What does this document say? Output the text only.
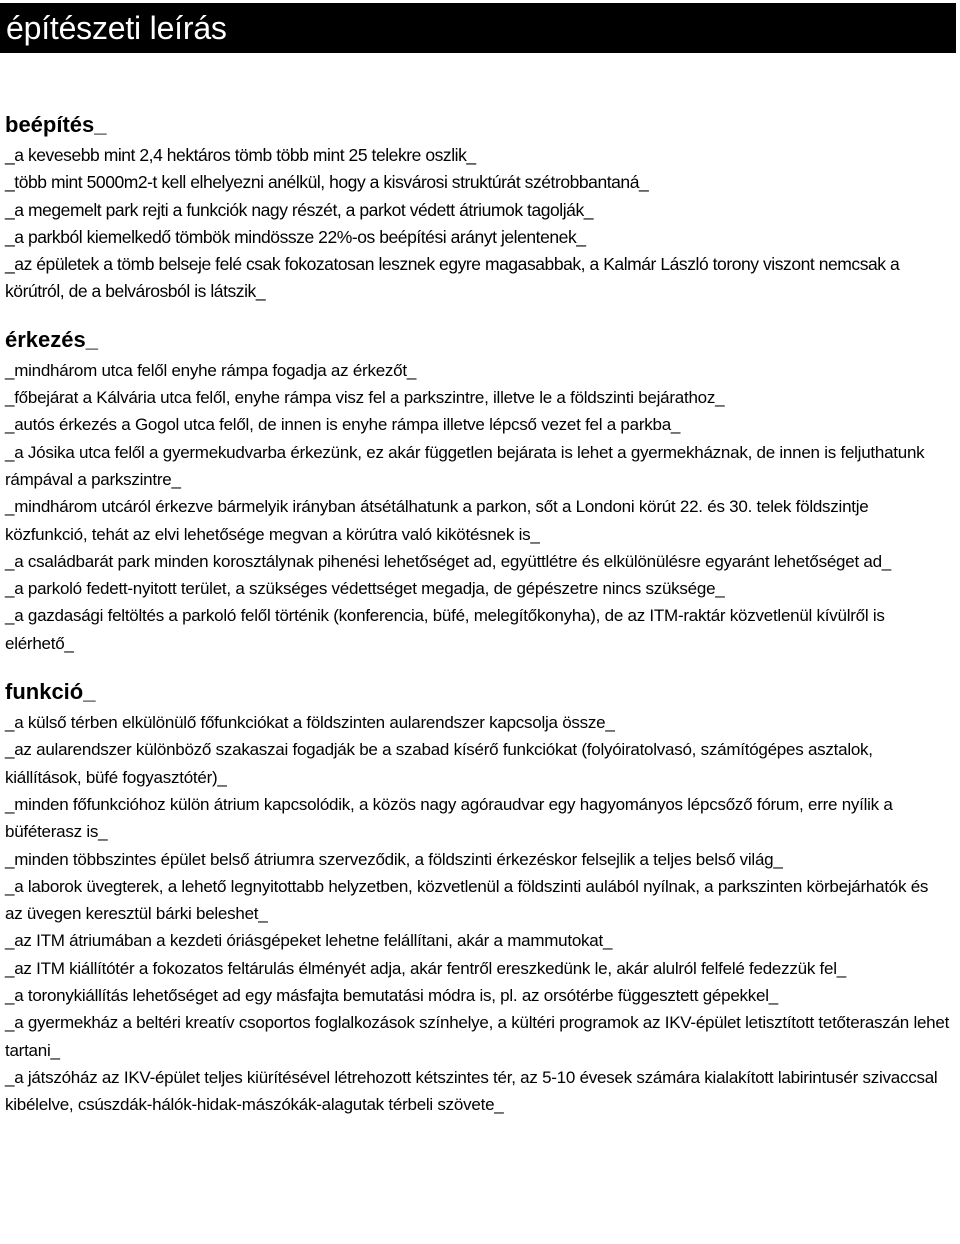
építészeti leírás
beépítés_

_a kevesebb mint 2,4 hektáros tömb több mint 25 telekre oszlik_

_több mint 5000m2-t kell elhelyezni anélkül, hogy a kisvárosi struktúrát szétrobbantaná_

_a megemelt park rejti a funkciók nagy részét, a parkot védett átriumok tagolják_

_a parkból kiemelkedő tömbök mindössze 22%-os beépítési arányt jelentenek_

_az épületek a tömb belseje felé csak fokozatosan lesznek egyre magasabbak, a Kalmár László torony viszont nemcsak a körútról, de a belvárosból is látszik_

érkezés_

_mindhárom utca felől enyhe rámpa fogadja az érkezőt_

_főbejárat a Kálvária utca felől, enyhe rámpa visz fel a parkszintre, illetve le a földszinti bejárathoz_

_autós érkezés a Gogol utca felől, de innen is enyhe rámpa illetve lépcső vezet fel a parkba_

_a Jósika utca felől a gyermekudvarba érkezünk, ez akár független bejárata is lehet a gyermekháznak, de innen is feljuthatunk rámpával a parkszintre_

_mindhárom utcáról érkezve bármelyik irányban átsétálhatunk a parkon, sőt a Londoni körút 22. és 30. telek földszintje közfunkció, tehát az elvi lehetősége megvan a körútra való kikötésnek is_

_a családbarát park minden korosztálynak pihenési lehetőséget ad, együttlétre és elkülönülésre egyaránt lehetőséget ad_

_a parkoló fedett-nyitott terület, a szükséges védettséget megadja, de gépészetre nincs szüksége_

_a gazdasági feltöltés a parkoló felől történik (konferencia, büfé, melegítőkonyha), de az ITM-raktár közvetlenül kívülről is elérhető_

funkció_

_a külső térben elkülönülő főfunkciókat a földszinten aularendszer kapcsolja össze_

_az aularendszer különböző szakaszai fogadják be a szabad kísérő funkciókat (folyóiratolvasó, számítógépes asztalok, kiállítások, büfé fogyasztótér)_

_minden főfunkcióhoz külön átrium kapcsolódik, a közös nagy agóraudvar egy hagyományos lépcsőző fórum, erre nyílik a büféterasz is_

_minden többszintes épület belső átriumra szerveződik, a földszinti érkezéskor felsejlik a teljes belső világ_

_a laborok üvegterek, a lehető legnyitottabb helyzetben, közvetlenül a földszinti aulából nyílnak, a parkszinten körbejárhatók és az üvegen keresztül bárki beleshet_

_az ITM átriumában a kezdeti óriásgépeket lehetne felállítani, akár a mammutokat_

_az ITM kiállítótér a fokozatos feltárulás élményét adja, akár fentről ereszkedünk le, akár alulról felfelé fedezzük fel_

_a toronykiállítás lehetőséget ad egy másfajta bemutatási módra is, pl. az orsótérbe függesztett gépekkel_

_a gyermekház a beltéri kreatív csoportos foglalkozások színhelye, a kültéri programok az IKV-épület letisztított tetőteraszán lehet tartani_

_a játszóház az IKV-épület teljes kiürítésével létrehozott kétszintes tér, az 5-10 évesek számára kialakított labirintusér szivaccsal kibélelve, csúszdák-hálók-hidak-mászókák-alagutak térbeli szövete_
